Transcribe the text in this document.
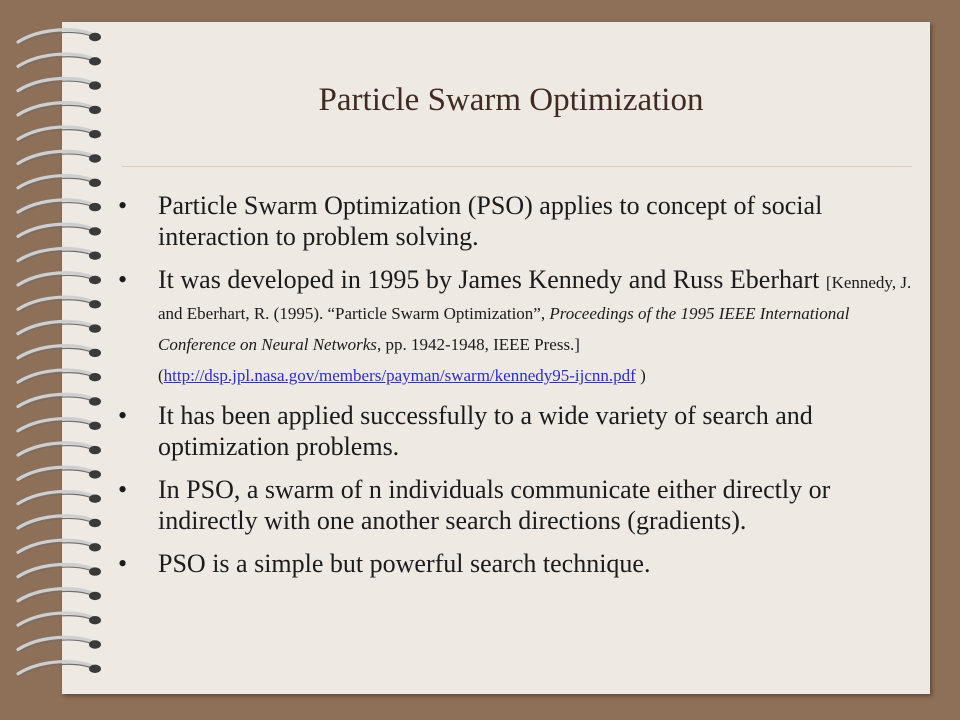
Particle Swarm Optimization
• Particle Swarm Optimization (PSO) applies to concept of social interaction to problem solving.
• It was developed in 1995 by James Kennedy and Russ Eberhart [Kennedy, J. and Eberhart, R. (1995). “Particle Swarm Optimization”, Proceedings of the 1995 IEEE International Conference on Neural Networks, pp. 1942-1948, IEEE Press.]
(http://dsp.jpl.nasa.gov/members/payman/swarm/kennedy95-ijcnn.pdf )
• It has been applied successfully to a wide variety of search and optimization problems.
• In PSO, a swarm of n individuals communicate either directly or indirectly with one another search directions (gradients).
• PSO is a simple but powerful search technique.
